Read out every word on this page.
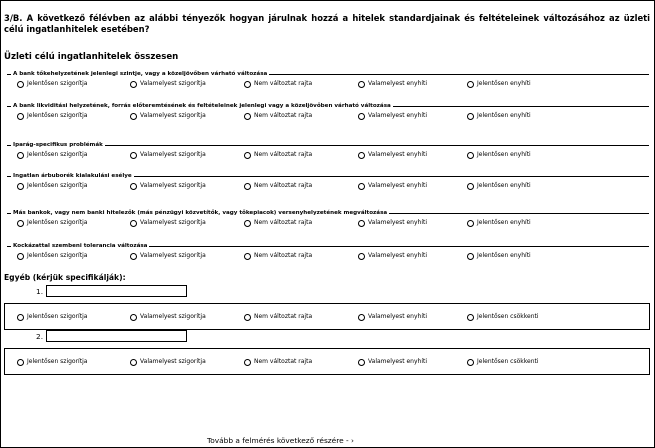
3/B. A következő félévben az alábbi tényezők hogyan járulnak hozzá a hitelek standardjainak és feltételeinek változásához az üzleti célú ingatlanhitelek esetében?
Üzleti célú ingatlanhitelek összesen
A bank tőkehelyzetének jelenlegi szintje, vagy a közeljövőben várható változása
Jelentősen szigorítja	Valamelyest szigorítja	Nem változtat rajta	Valamelyest enyhíti	Jelentősen enyhíti
A bank likviditási helyzetének, forrás előteremtésének és feltételeinek jelenlegi vagy a közeljövőben várható változása
Jelentősen szigorítja	Valamelyest szigorítja	Nem változtat rajta	Valamelyest enyhíti	Jelentősen enyhíti
Iparág-specifikus problémák
Jelentősen szigorítja	Valamelyest szigorítja	Nem változtat rajta	Valamelyest enyhíti	Jelentősen enyhíti
Ingatlan árbuborék kialakulási esélye
Jelentősen szigorítja	Valamelyest szigorítja	Nem változtat rajta	Valamelyest enyhíti	Jelentősen enyhíti
Más bankok, vagy nem banki hitelezők (más pénzügyi közvetítők, vagy tőkepiacok) versenyhelyzetének megváltozása
Jelentősen szigorítja	Valamelyest szigorítja	Nem változtat rajta	Valamelyest enyhíti	Jelentősen enyhíti
Kockázattal szembeni tolerancia változása
Jelentősen szigorítja	Valamelyest szigorítja	Nem változtat rajta	Valamelyest enyhíti	Jelentősen enyhíti
Egyéb (kérjük specifikálják):
1.
2.
Jelentősen szigorítja	Valamelyest szigorítja	Nem változtat rajta	Valamelyest enyhíti	Jelentősen csökkenti
Jelentősen szigorítja	Valamelyest szigorítja	Nem változtat rajta	Valamelyest enyhíti	Jelentősen csökkenti
Tovább a felmérés következő részére - ›
